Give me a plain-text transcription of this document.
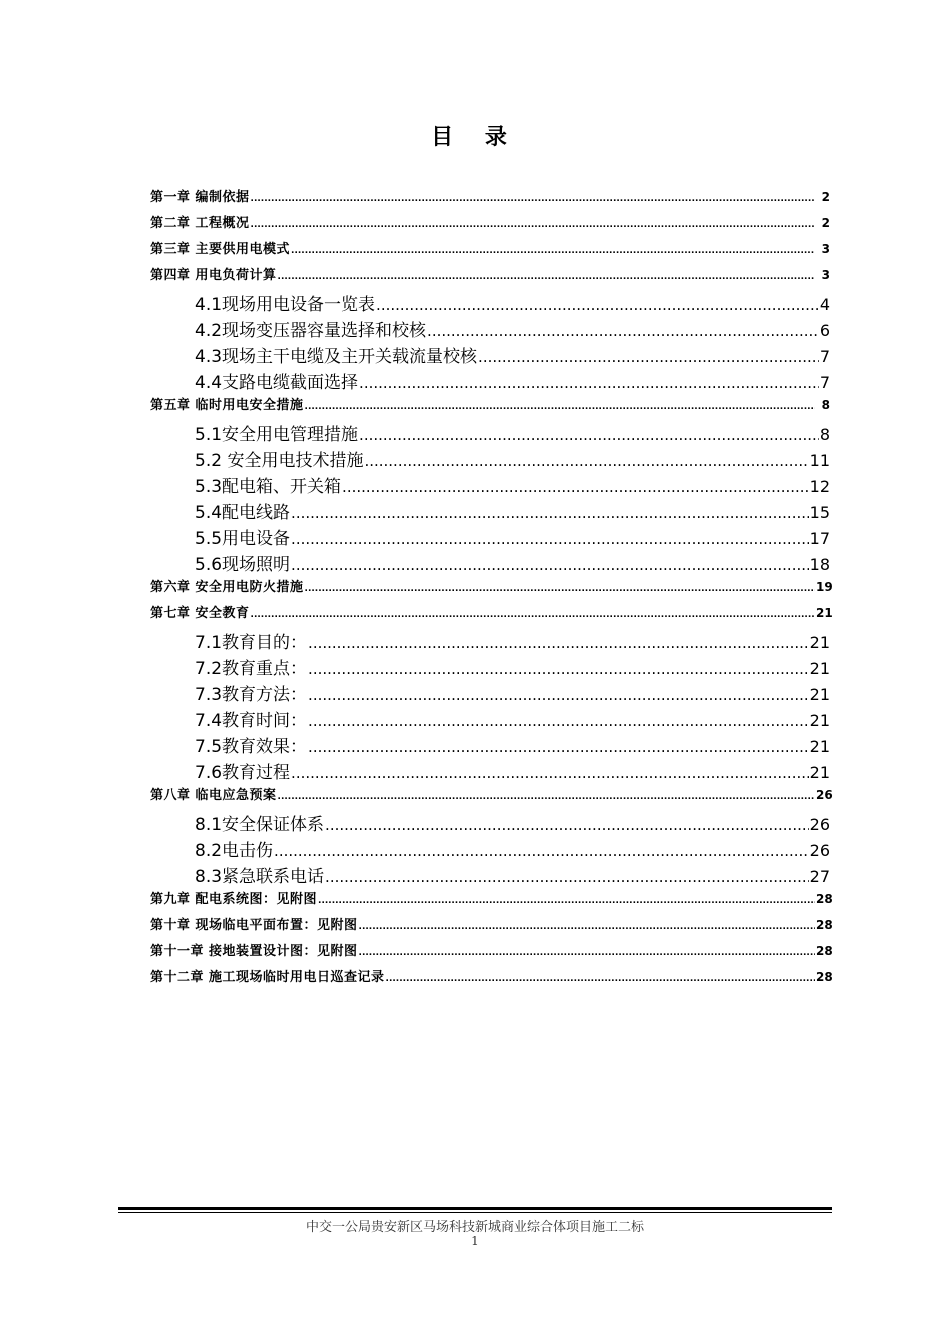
目 录
第一章 编制依据 .....	2
第二章 工程概况 .....	2
第三章 主要供用电模式 .....	3
第四章 用电负荷计算 .....	3
4.1现场用电设备一览表 .....	4
4.2现场变压器容量选择和校核 .....	6
4.3现场主干电缆及主开关载流量校核 .....	7
4.4支路电缆截面选择 .....	7
第五章 临时用电安全措施 .....	8
5.1安全用电管理措施 .....	8
5.2 安全用电技术措施 .....	11
5.3配电箱、开关箱 .....	12
5.4配电线路 .....	15
5.5用电设备 .....	17
5.6现场照明 .....	18
第六章 安全用电防火措施 .....	19
第七章 安全教育 .....	21
7.1教育目的： .....	21
7.2教育重点： .....	21
7.3教育方法： .....	21
7.4教育时间： .....	21
7.5教育效果： .....	21
7.6教育过程 .....	21
第八章 临电应急预案 .....	26
8.1安全保证体系 .....	26
8.2电击伤 .....	26
8.3紧急联系电话 .....	27
第九章 配电系统图：见附图 .....	28
第十章 现场临电平面布置：见附图 .....	28
第十一章 接地装置设计图：见附图 .....	28
第十二章 施工现场临时用电日巡查记录 .....	28
中交一公局贵安新区马场科技新城商业综合体项目施工二标
1
